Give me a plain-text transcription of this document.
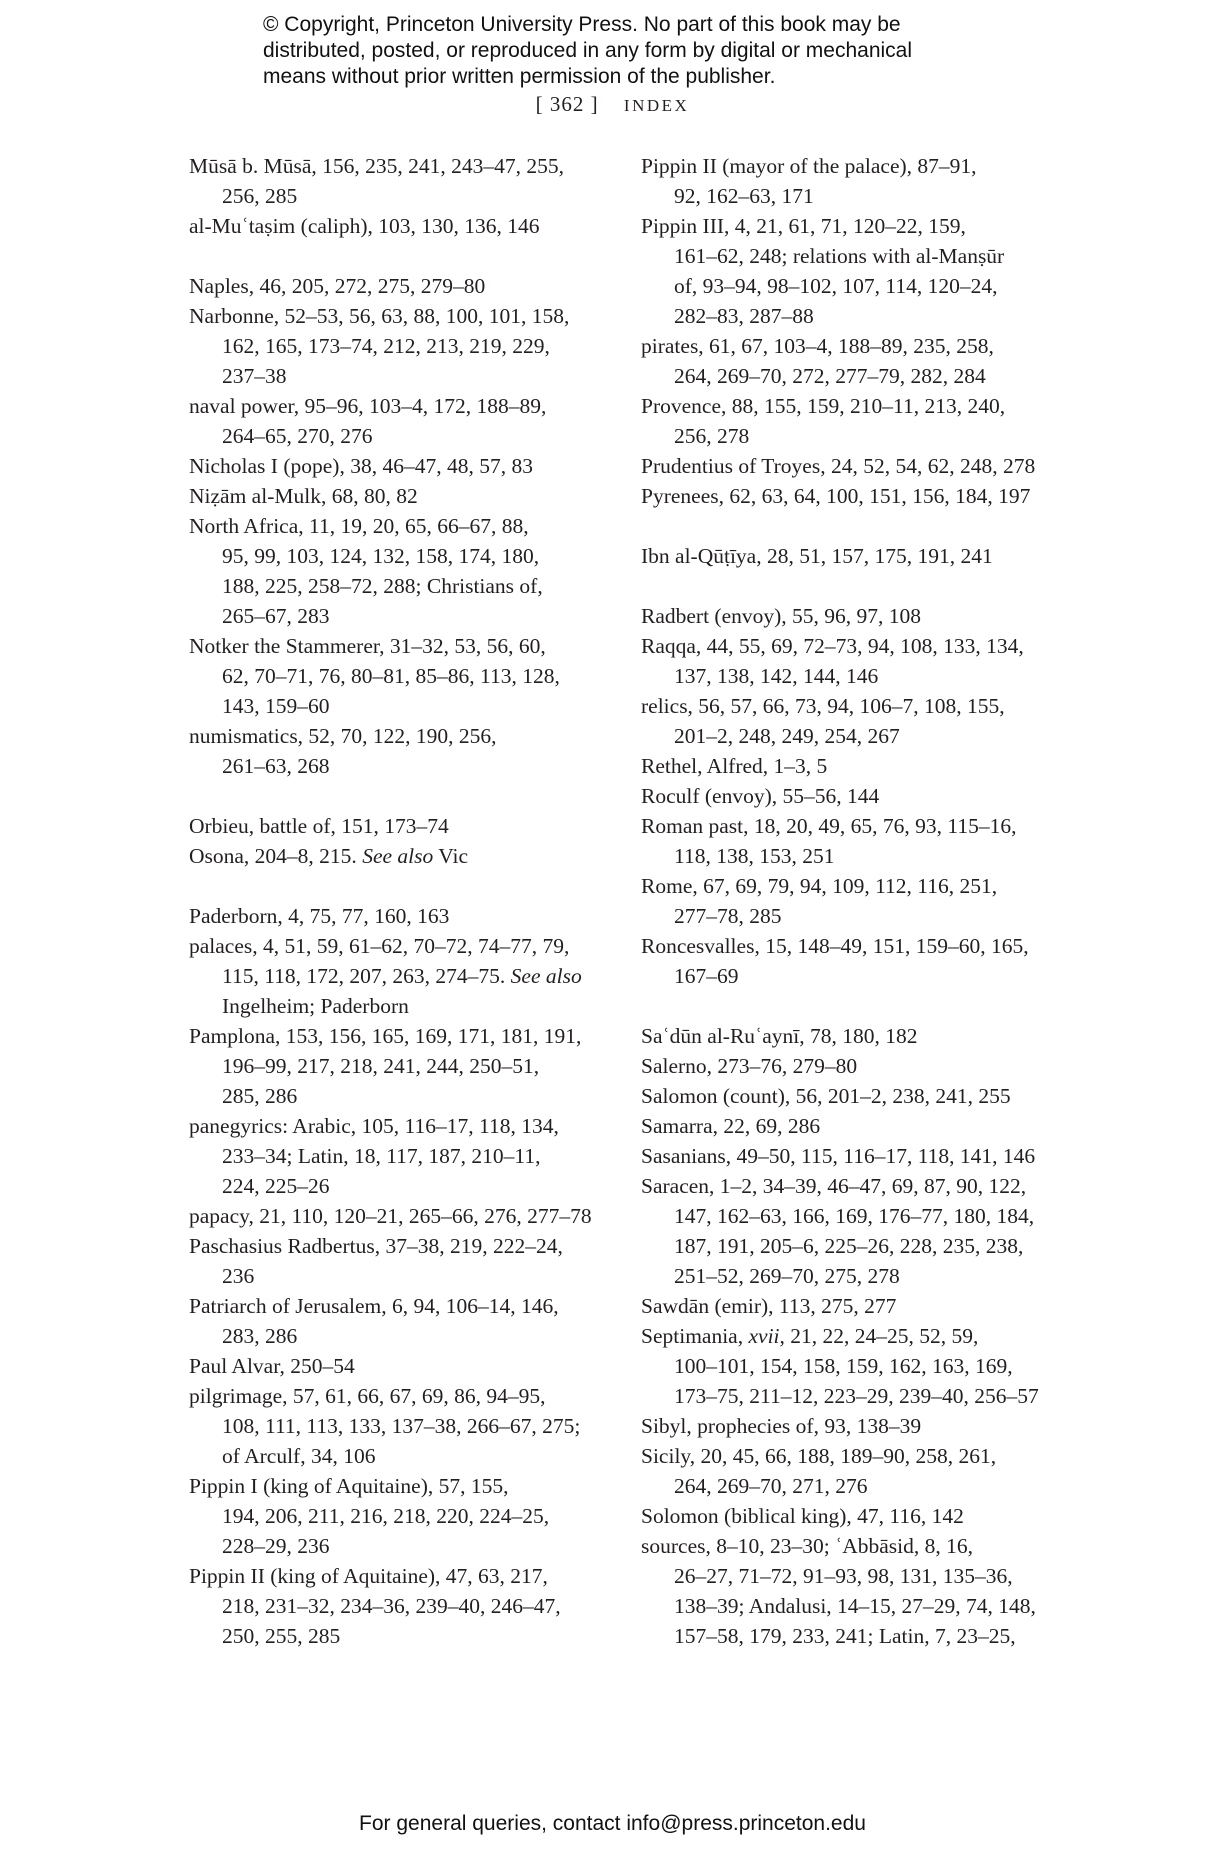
© Copyright, Princeton University Press. No part of this book may be
distributed, posted, or reproduced in any form by digital or mechanical
means without prior written permission of the publisher.
[ 362 ] INDEX
Mūsā b. Mūsā, 156, 235, 241, 243–47, 255,
256, 285
al-Muʿtaṣim (caliph), 103, 130, 136, 146
Naples, 46, 205, 272, 275, 279–80
Narbonne, 52–53, 56, 63, 88, 100, 101, 158,
162, 165, 173–74, 212, 213, 219, 229,
237–38
naval power, 95–96, 103–4, 172, 188–89,
264–65, 270, 276
Nicholas I (pope), 38, 46–47, 48, 57, 83
Niẓām al-Mulk, 68, 80, 82
North Africa, 11, 19, 20, 65, 66–67, 88,
95, 99, 103, 124, 132, 158, 174, 180,
188, 225, 258–72, 288; Christians of,
265–67, 283
Notker the Stammerer, 31–32, 53, 56, 60,
62, 70–71, 76, 80–81, 85–86, 113, 128,
143, 159–60
numismatics, 52, 70, 122, 190, 256,
261–63, 268
Orbieu, battle of, 151, 173–74
Osona, 204–8, 215. See also Vic
Paderborn, 4, 75, 77, 160, 163
palaces, 4, 51, 59, 61–62, 70–72, 74–77, 79,
115, 118, 172, 207, 263, 274–75. See also
Ingelheim; Paderborn
Pamplona, 153, 156, 165, 169, 171, 181, 191,
196–99, 217, 218, 241, 244, 250–51,
285, 286
panegyrics: Arabic, 105, 116–17, 118, 134,
233–34; Latin, 18, 117, 187, 210–11,
224, 225–26
papacy, 21, 110, 120–21, 265–66, 276, 277–78
Paschasius Radbertus, 37–38, 219, 222–24,
236
Patriarch of Jerusalem, 6, 94, 106–14, 146,
283, 286
Paul Alvar, 250–54
pilgrimage, 57, 61, 66, 67, 69, 86, 94–95,
108, 111, 113, 133, 137–38, 266–67, 275;
of Arculf, 34, 106
Pippin I (king of Aquitaine), 57, 155,
194, 206, 211, 216, 218, 220, 224–25,
228–29, 236
Pippin II (king of Aquitaine), 47, 63, 217,
218, 231–32, 234–36, 239–40, 246–47,
250, 255, 285
Pippin II (mayor of the palace), 87–91,
92, 162–63, 171
Pippin III, 4, 21, 61, 71, 120–22, 159,
161–62, 248; relations with al-Manṣūr
of, 93–94, 98–102, 107, 114, 120–24,
282–83, 287–88
pirates, 61, 67, 103–4, 188–89, 235, 258,
264, 269–70, 272, 277–79, 282, 284
Provence, 88, 155, 159, 210–11, 213, 240,
256, 278
Prudentius of Troyes, 24, 52, 54, 62, 248, 278
Pyrenees, 62, 63, 64, 100, 151, 156, 184, 197
Ibn al-Qūṭīya, 28, 51, 157, 175, 191, 241
Radbert (envoy), 55, 96, 97, 108
Raqqa, 44, 55, 69, 72–73, 94, 108, 133, 134,
137, 138, 142, 144, 146
relics, 56, 57, 66, 73, 94, 106–7, 108, 155,
201–2, 248, 249, 254, 267
Rethel, Alfred, 1–3, 5
Roculf (envoy), 55–56, 144
Roman past, 18, 20, 49, 65, 76, 93, 115–16,
118, 138, 153, 251
Rome, 67, 69, 79, 94, 109, 112, 116, 251,
277–78, 285
Roncesvalles, 15, 148–49, 151, 159–60, 165,
167–69
Saʿdūn al-Ruʿaynī, 78, 180, 182
Salerno, 273–76, 279–80
Salomon (count), 56, 201–2, 238, 241, 255
Samarra, 22, 69, 286
Sasanians, 49–50, 115, 116–17, 118, 141, 146
Saracen, 1–2, 34–39, 46–47, 69, 87, 90, 122,
147, 162–63, 166, 169, 176–77, 180, 184,
187, 191, 205–6, 225–26, 228, 235, 238,
251–52, 269–70, 275, 278
Sawdān (emir), 113, 275, 277
Septimania, xvii, 21, 22, 24–25, 52, 59,
100–101, 154, 158, 159, 162, 163, 169,
173–75, 211–12, 223–29, 239–40, 256–57
Sibyl, prophecies of, 93, 138–39
Sicily, 20, 45, 66, 188, 189–90, 258, 261,
264, 269–70, 271, 276
Solomon (biblical king), 47, 116, 142
sources, 8–10, 23–30; ʿAbbāsid, 8, 16,
26–27, 71–72, 91–93, 98, 131, 135–36,
138–39; Andalusi, 14–15, 27–29, 74, 148,
157–58, 179, 233, 241; Latin, 7, 23–25,
For general queries, contact info@press.princeton.edu
